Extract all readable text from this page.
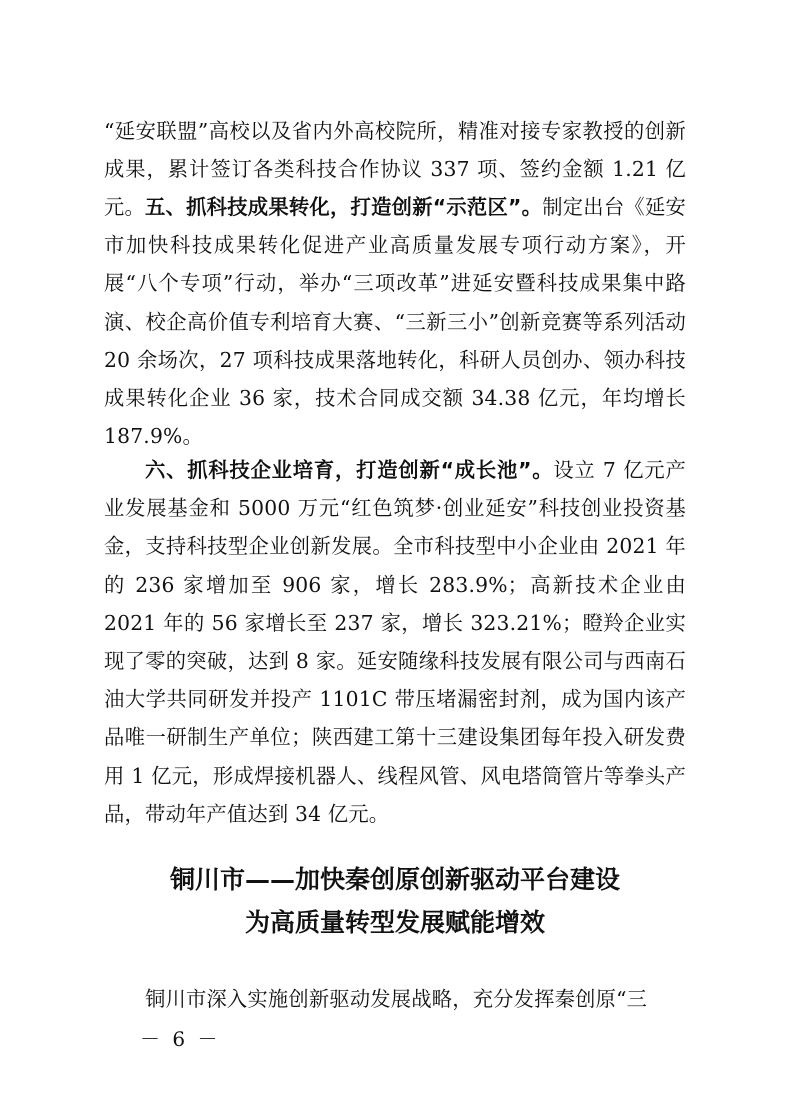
“延安联盟”高校以及省内外高校院所，精准对接专家教授的创新成果，累计签订各类科技合作协议 337 项、签约金额 1.21 亿元。 五、抓科技成果转化，打造创新“示范区”。制定出台《延安市加快科技成果转化促进产业高质量发展专项行动方案》，开展“八个专项”行动，举办“三项改革”进延安暨科技成果集中路演、校企高价值专利培育大赛、“三新三小”创新竞赛等系列活动 20 余场次，27 项科技成果落地转化，科研人员创办、领办科技成果转化企业 36 家，技术合同成交额 34.38 亿元，年均增长 187.9%。

六、抓科技企业培育，打造创新“成长池”。设立 7 亿元产业发展基金和 5000 万元“红色筑梦·创业延安”科技创业投资基金，支持科技型企业创新发展。全市科技型中小企业由 2021 年的 236 家增加至 906 家，增长 283.9%；高新技术企业由 2021 年的 56 家增长至 237 家，增长 323.21%；瞪羚企业实现了零的突破，达到 8 家。延安随缘科技发展有限公司与西南石油大学共同研发并投产 1101C 带压堵漏密封剂，成为国内该产品唯一研制生产单位；陕西建工第十三建设集团每年投入研发费用 1 亿元，形成焊接机器人、线程风管、风电塔筒管片等拳头产品，带动年产值达到 34 亿元。

铜川市——加快秦创原创新驱动平台建设
为高质量转型发展赋能增效

铜川市深入实施创新驱动发展战略，充分发挥秦创原“三

－ 6 －
